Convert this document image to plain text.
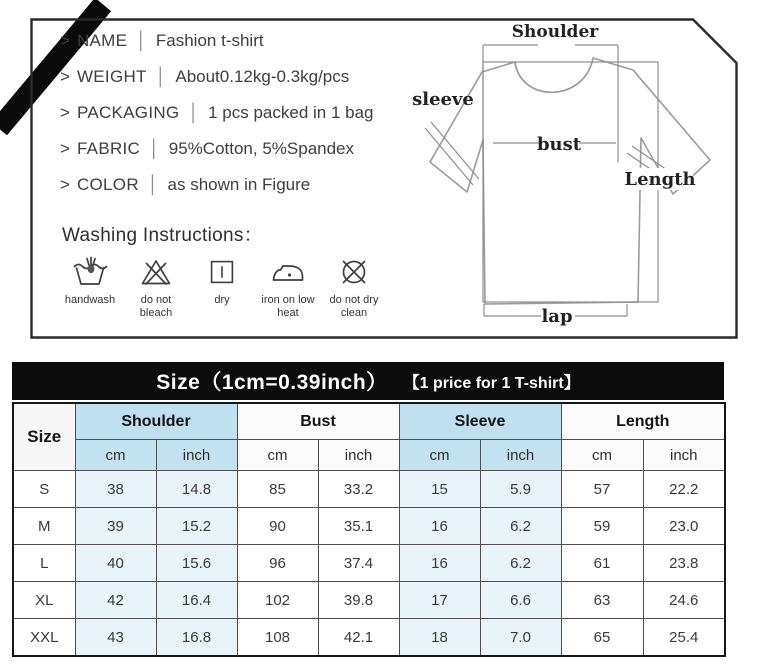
> NAME │ Fashion t-shirt
> WEIGHT │ About0.12kg-0.3kg/pcs
> PACKAGING │ 1 pcs packed in 1 bag
> FABRIC │ 95%Cotton, 5%Spandex
> COLOR │ as shown in Figure
Washing Instructions：
handwash	do not bleach
dry	iron on low heat
do not dry clean
Shoulder
sleeve
bust
Length
lap
Size（1cm=0.39inch） 【1 price for 1 T-shirt】
Size	Shoulder		Bust		Sleeve		Length	
	cm	inch	cm	inch	cm	inch	cm	inch
S	38	14.8	85	33.2	15	5.9	57	22.2
M	39	15.2	90	35.1	16	6.2	59	23.0
L	40	15.6	96	37.4	16	6.2	61	23.8
XL	42	16.4	102	39.8	17	6.6	63	24.6
XXL	43	16.8	108	42.1	18	7.0	65	25.4
